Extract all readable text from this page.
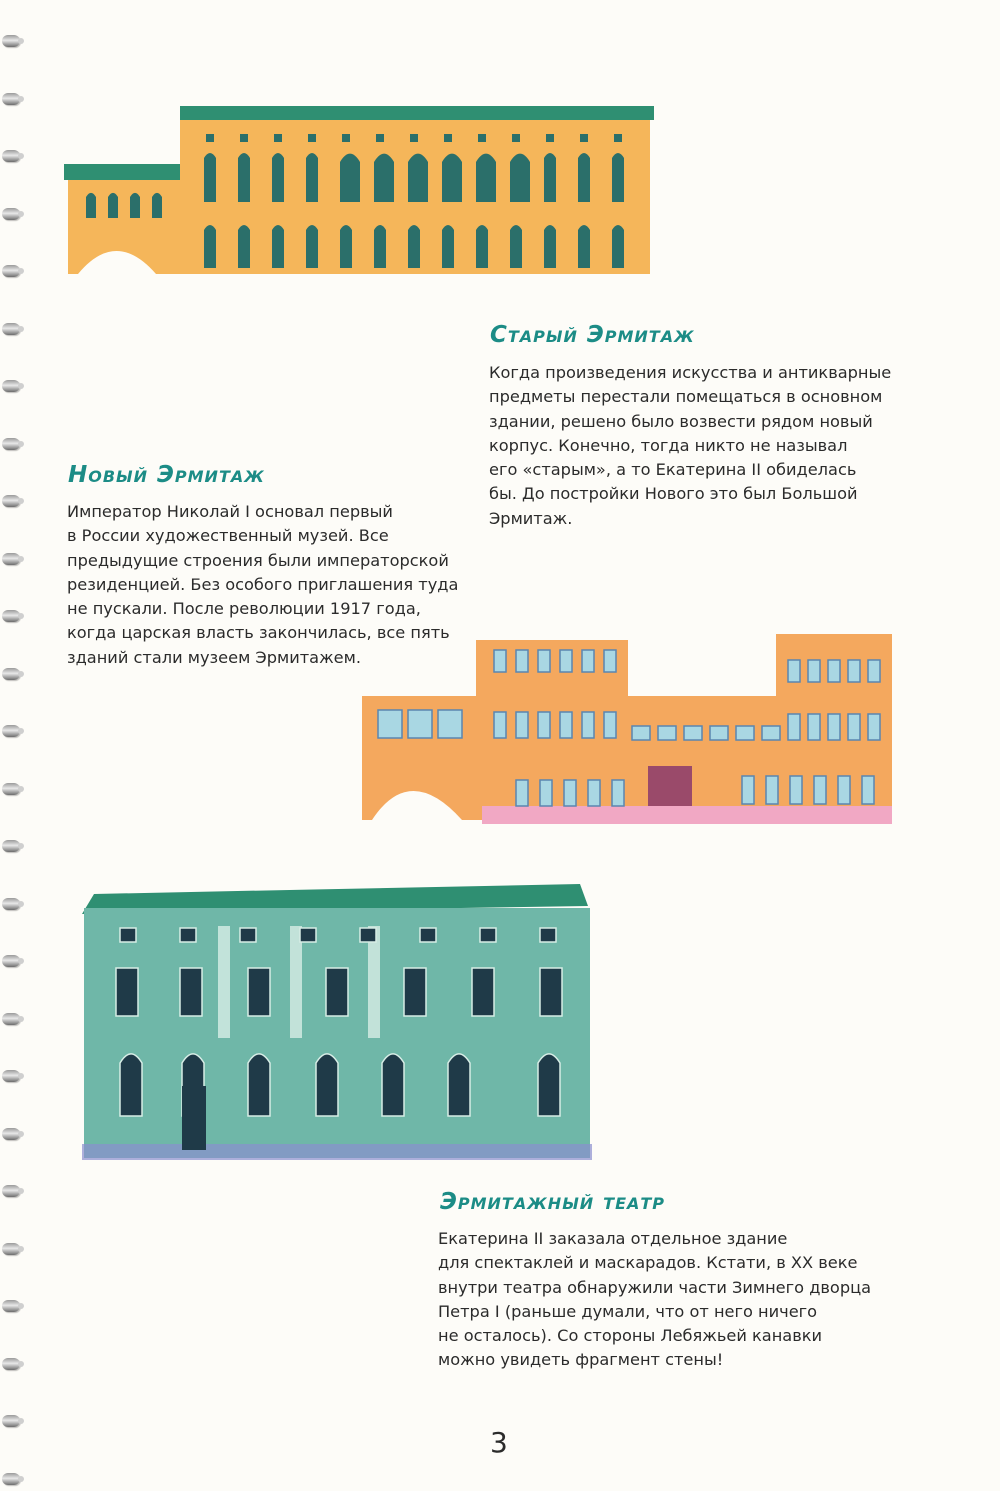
Старый Эрмитаж
Когда произведения искусства и антикварные
предметы перестали помещаться в основном
здании, решено было возвести рядом новый
корпус. Конечно, тогда никто не называл
его «старым», а то Екатерина II обиделась
бы. До постройки Нового это был Большой
Эрмитаж.
Новый Эрмитаж
Император Николай I основал первый
в России художественный музей. Все
предыдущие строения были императорской
резиденцией. Без особого приглашения туда
не пускали. После революции 1917 года,
когда царская власть закончилась, все пять
зданий стали музеем Эрмитажем.
Эрмитажный театр
Екатерина II заказала отдельное здание
для спектаклей и маскарадов. Кстати, в XX веке
внутри театра обнаружили части Зимнего дворца
Петра I (раньше думали, что от него ничего
не осталось). Со стороны Лебяжьей канавки
можно увидеть фрагмент стены!
3
